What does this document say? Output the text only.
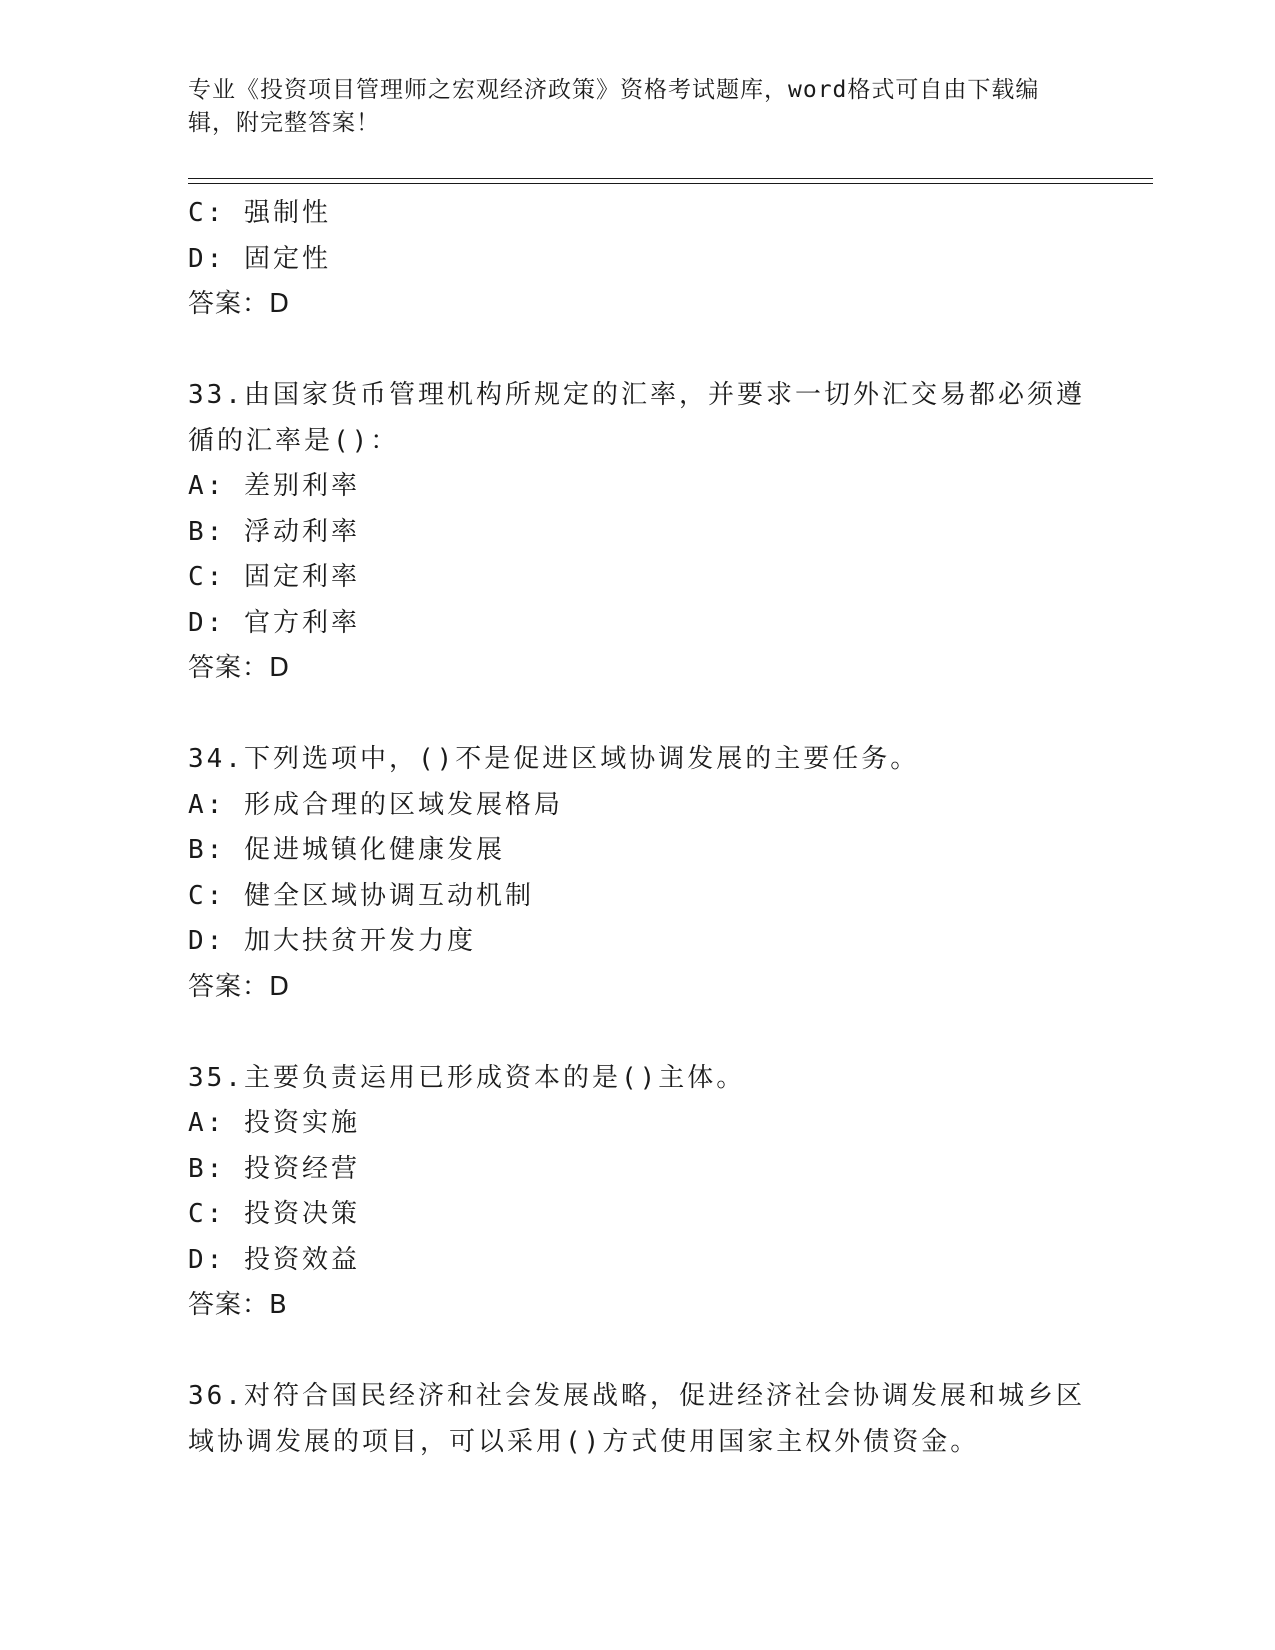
专业《投资项目管理师之宏观经济政策》资格考试题库，word格式可自由下载编辑，附完整答案！
C: 强制性
D: 固定性
答案：D
33.由国家货币管理机构所规定的汇率，并要求一切外汇交易都必须遵
循的汇率是()：
A: 差别利率
B: 浮动利率
C: 固定利率
D: 官方利率
答案：D
34.下列选项中，()不是促进区域协调发展的主要任务。
A: 形成合理的区域发展格局
B: 促进城镇化健康发展
C: 健全区域协调互动机制
D: 加大扶贫开发力度
答案：D
35.主要负责运用已形成资本的是()主体。
A: 投资实施
B: 投资经营
C: 投资决策
D: 投资效益
答案：B
36.对符合国民经济和社会发展战略，促进经济社会协调发展和城乡区
域协调发展的项目，可以采用()方式使用国家主权外债资金。
